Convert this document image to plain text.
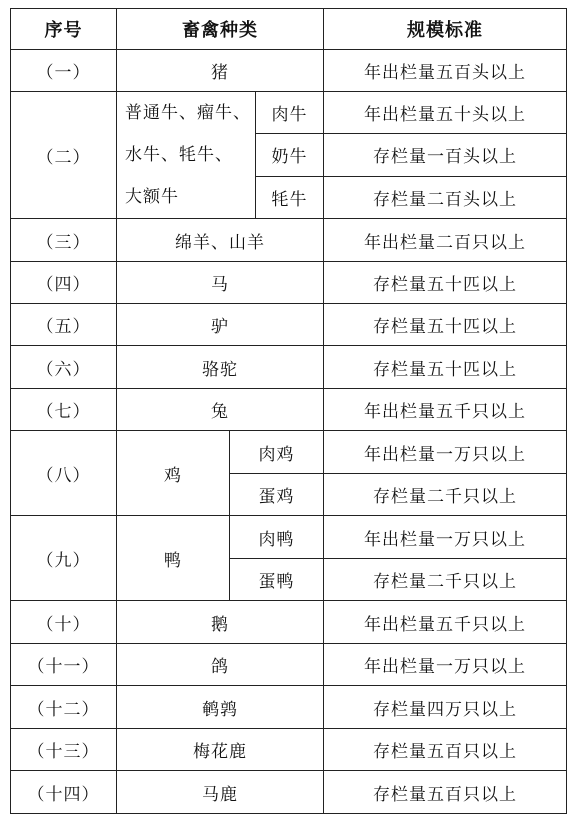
序号	畜禽种类			规模标准
（一）	猪			年出栏量五百头以上
（二）	普通牛、瘤牛、
水牛、牦牛、
大额牛		肉牛	年出栏量五十头以上
			奶牛	存栏量一百头以上
			牦牛	存栏量二百头以上
（三）	绵羊、山羊			年出栏量二百只以上
（四）	马			存栏量五十匹以上
（五）	驴			存栏量五十匹以上
（六）	骆驼			存栏量五十匹以上
（七）	兔			年出栏量五千只以上
（八）	鸡	肉鸡		年出栏量一万只以上
		蛋鸡		存栏量二千只以上
（九）	鸭	肉鸭		年出栏量一万只以上
		蛋鸭		存栏量二千只以上
（十）	鹅			年出栏量五千只以上
（十一）	鸽			年出栏量一万只以上
（十二）	鹌鹑			存栏量四万只以上
（十三）	梅花鹿			存栏量五百只以上
（十四）	马鹿			存栏量五百只以上
